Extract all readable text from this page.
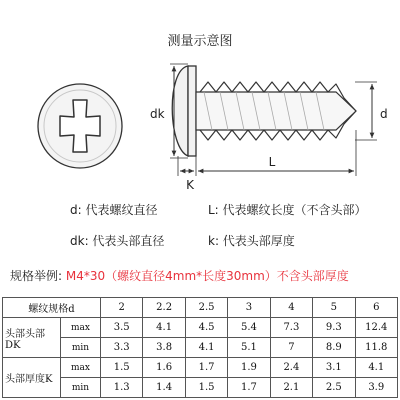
测量示意图
dk	d
K
L
d: 代表螺纹直径	L: 代表螺纹长度（不含头部）
dk: 代表头部直径	k: 代表头部厚度
规格举例: M4*30（螺纹直径4mm*长度30mm）不含头部厚度
螺纹规格d		2	2.2	2.5	3	4	5	6
头部头部DK	max	3.5	4.1	4.5	5.4	7.3	9.3	12.4
	min	3.3	3.8	4.1	5.1	7	8.9	11.8
头部厚度K	max	1.5	1.6	1.7	1.9	2.4	3.1	4.1
	min	1.3	1.4	1.5	1.7	2.1	2.5	3.9
